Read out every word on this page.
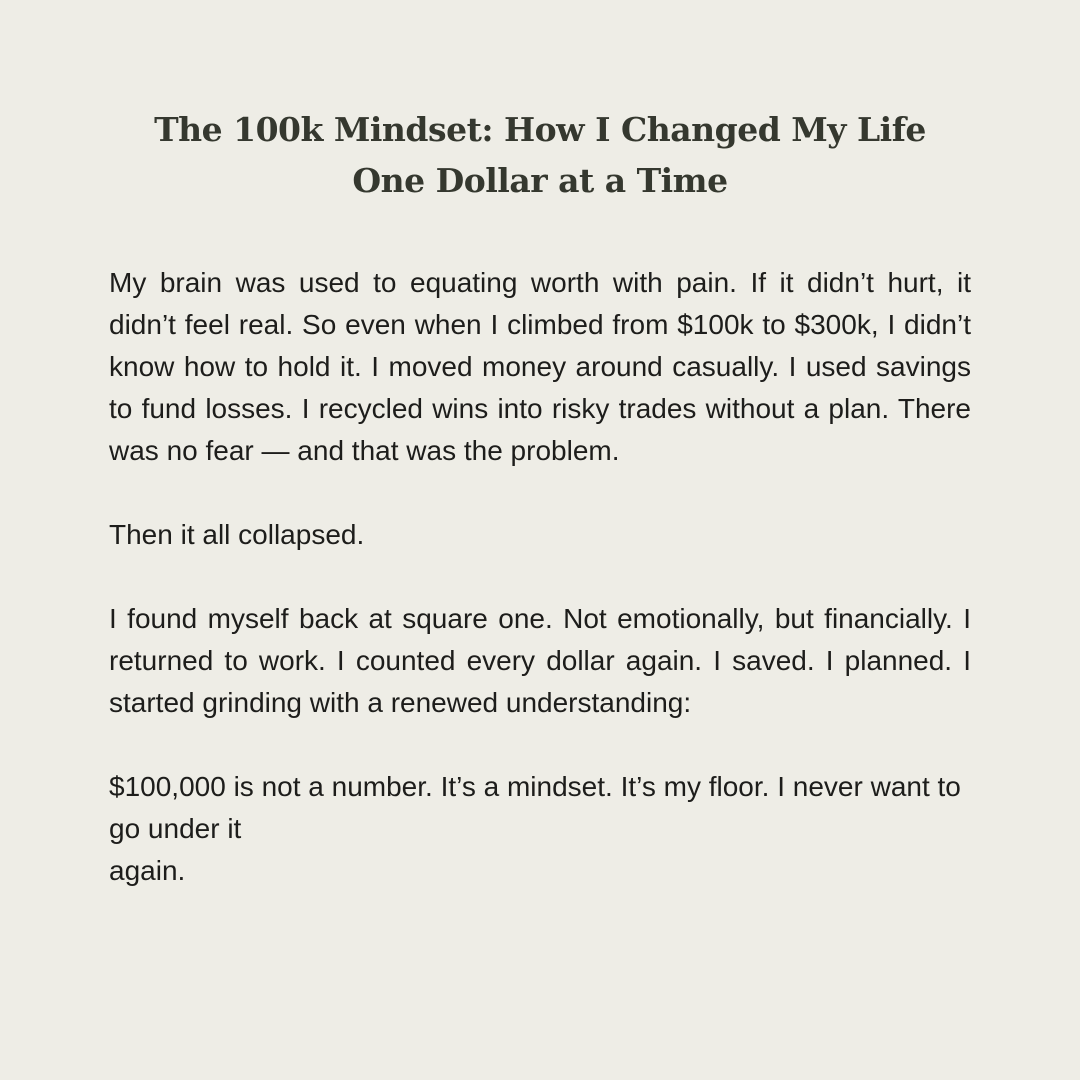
The 100k Mindset: How I Changed My Life
One Dollar at a Time

My brain was used to equating worth with pain. If it didn’t hurt, it didn’t feel real. So even when I climbed from $100k to $300k, I didn’t know how to hold it. I moved money around casually. I used savings to fund losses. I recycled wins into risky trades without a plan. There was no fear — and that was the problem.

Then it all collapsed.

I found myself back at square one. Not emotionally, but financially. I returned to work. I counted every dollar again. I saved. I planned. I started grinding with a renewed understanding:

$100,000 is not a number. It’s a mindset. It’s my floor. I never want to go under it
again.
